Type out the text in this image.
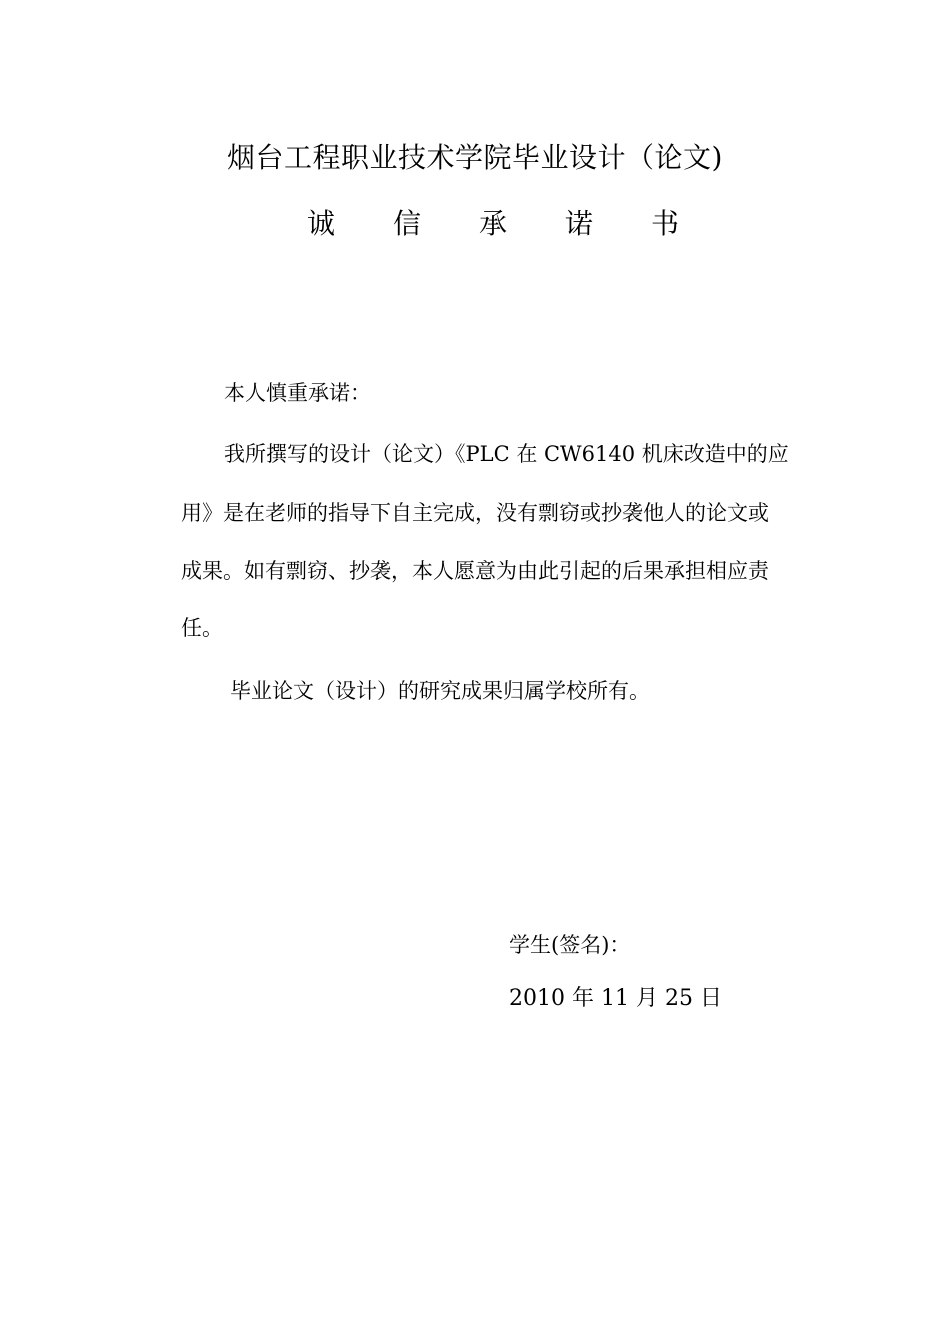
烟台工程职业技术学院毕业设计（论文)
诚 信 承 诺 书
本人慎重承诺：
我所撰写的设计（论文）《PLC 在 CW6140 机床改造中的应
用》是在老师的指导下自主完成，没有剽窃或抄袭他人的论文或
成果。如有剽窃、抄袭，本人愿意为由此引起的后果承担相应责
任。
毕业论文（设计）的研究成果归属学校所有。
学生(签名)：
2010 年 11 月 25 日
